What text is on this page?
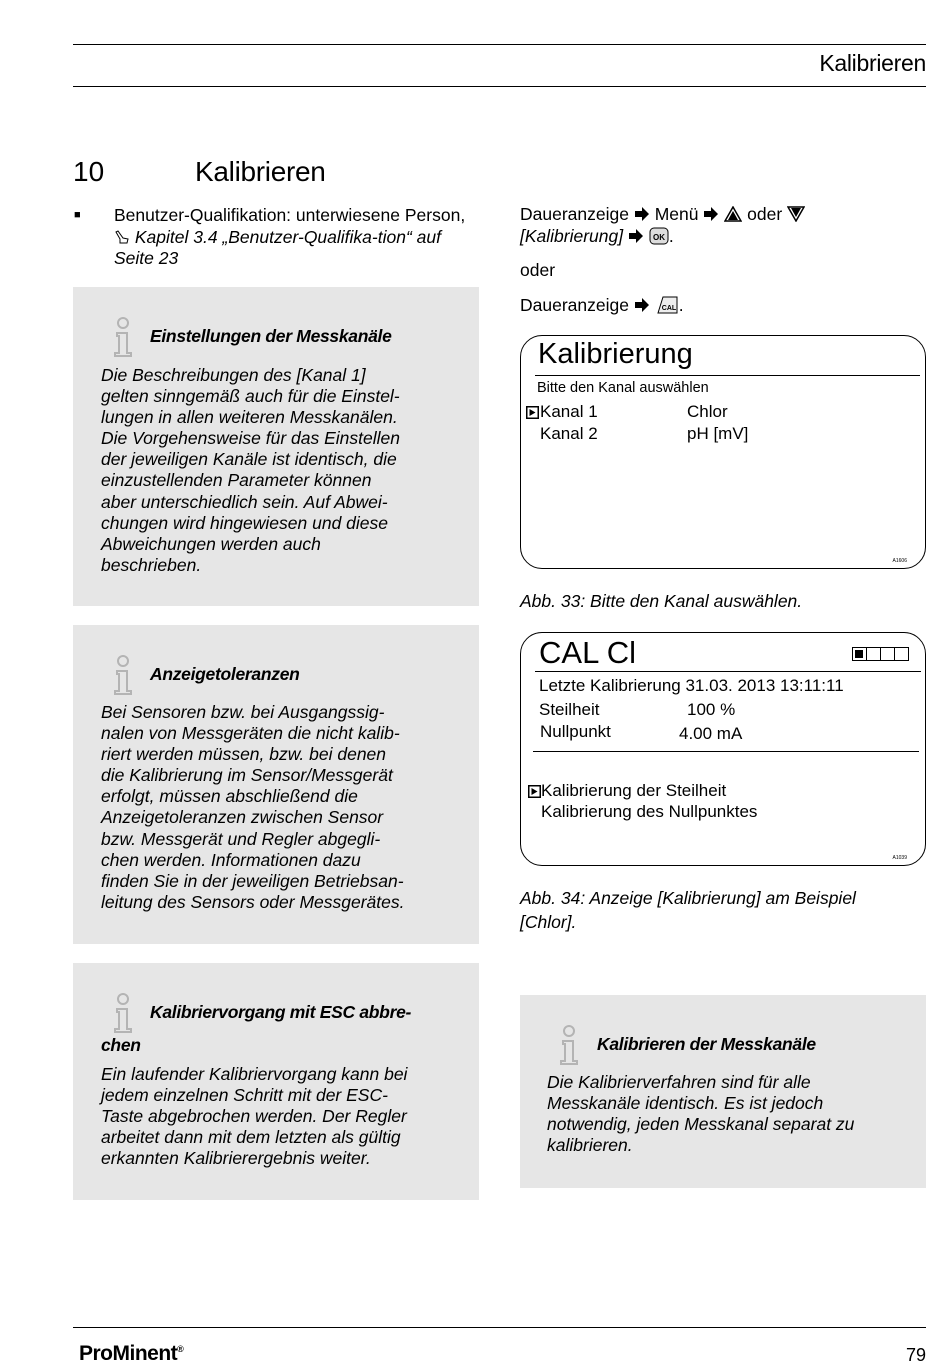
Kalibrieren
10	Kalibrieren
■ Benutzer-Qualifikation: unterwiesene Person,  Kapitel 3.4 „Benutzer-Qualifika-tion“ auf Seite 23
Einstellungen der Messkanäle
Die Beschreibungen des [Kanal 1]
gelten sinngemäß auch für die Einstel-
lungen in allen weiteren Messkanälen.
Die Vorgehensweise für das Einstellen
der jeweiligen Kanäle ist identisch, die
einzustellenden Parameter können
aber unterschiedlich sein. Auf Abwei-
chungen wird hingewiesen und diese
Abweichungen werden auch
beschrieben.
Anzeigetoleranzen
Bei Sensoren bzw. bei Ausgangssig-
nalen von Messgeräten die nicht kalib-
riert werden müssen, bzw. bei denen
die Kalibrierung im Sensor/Messgerät
erfolgt, müssen abschließend die
Anzeigetoleranzen zwischen Sensor
bzw. Messgerät und Regler abgegli-
chen werden. Informationen dazu
finden Sie in der jeweiligen Betriebsan-
leitung des Sensors oder Messgerätes.
Kalibriervorgang mit ESC abbre-
chen
Ein laufender Kalibriervorgang kann bei
jedem einzelnen Schritt mit der ESC-
Taste abgebrochen werden. Der Regler
arbeitet dann mit dem letzten als gültig
erkannten Kalibrierergebnis weiter.
Daueranzeige Menü	oder
[Kalibrierung]	OK .
oder
Daueranzeige	CAL .
Kalibrierung
Bitte den Kanal auswählen
Kanal 1	Chlor
Kanal 2	pH [mV]
A1606
Abb. 33: Bitte den Kanal auswählen.
CAL Cl
Letzte Kalibrierung 31.03. 2013 13:11:11
Steilheit	100 %
Nullpunkt	4.00 mA
Kalibrierung der Steilheit
Kalibrierung des Nullpunktes
A1039
Abb. 34: Anzeige [Kalibrierung] am Beispiel
[Chlor].
Kalibrieren der Messkanäle
Die Kalibrierverfahren sind für alle
Messkanäle identisch. Es ist jedoch
notwendig, jeden Messkanal separat zu
kalibrieren.
ProMinent®	79
